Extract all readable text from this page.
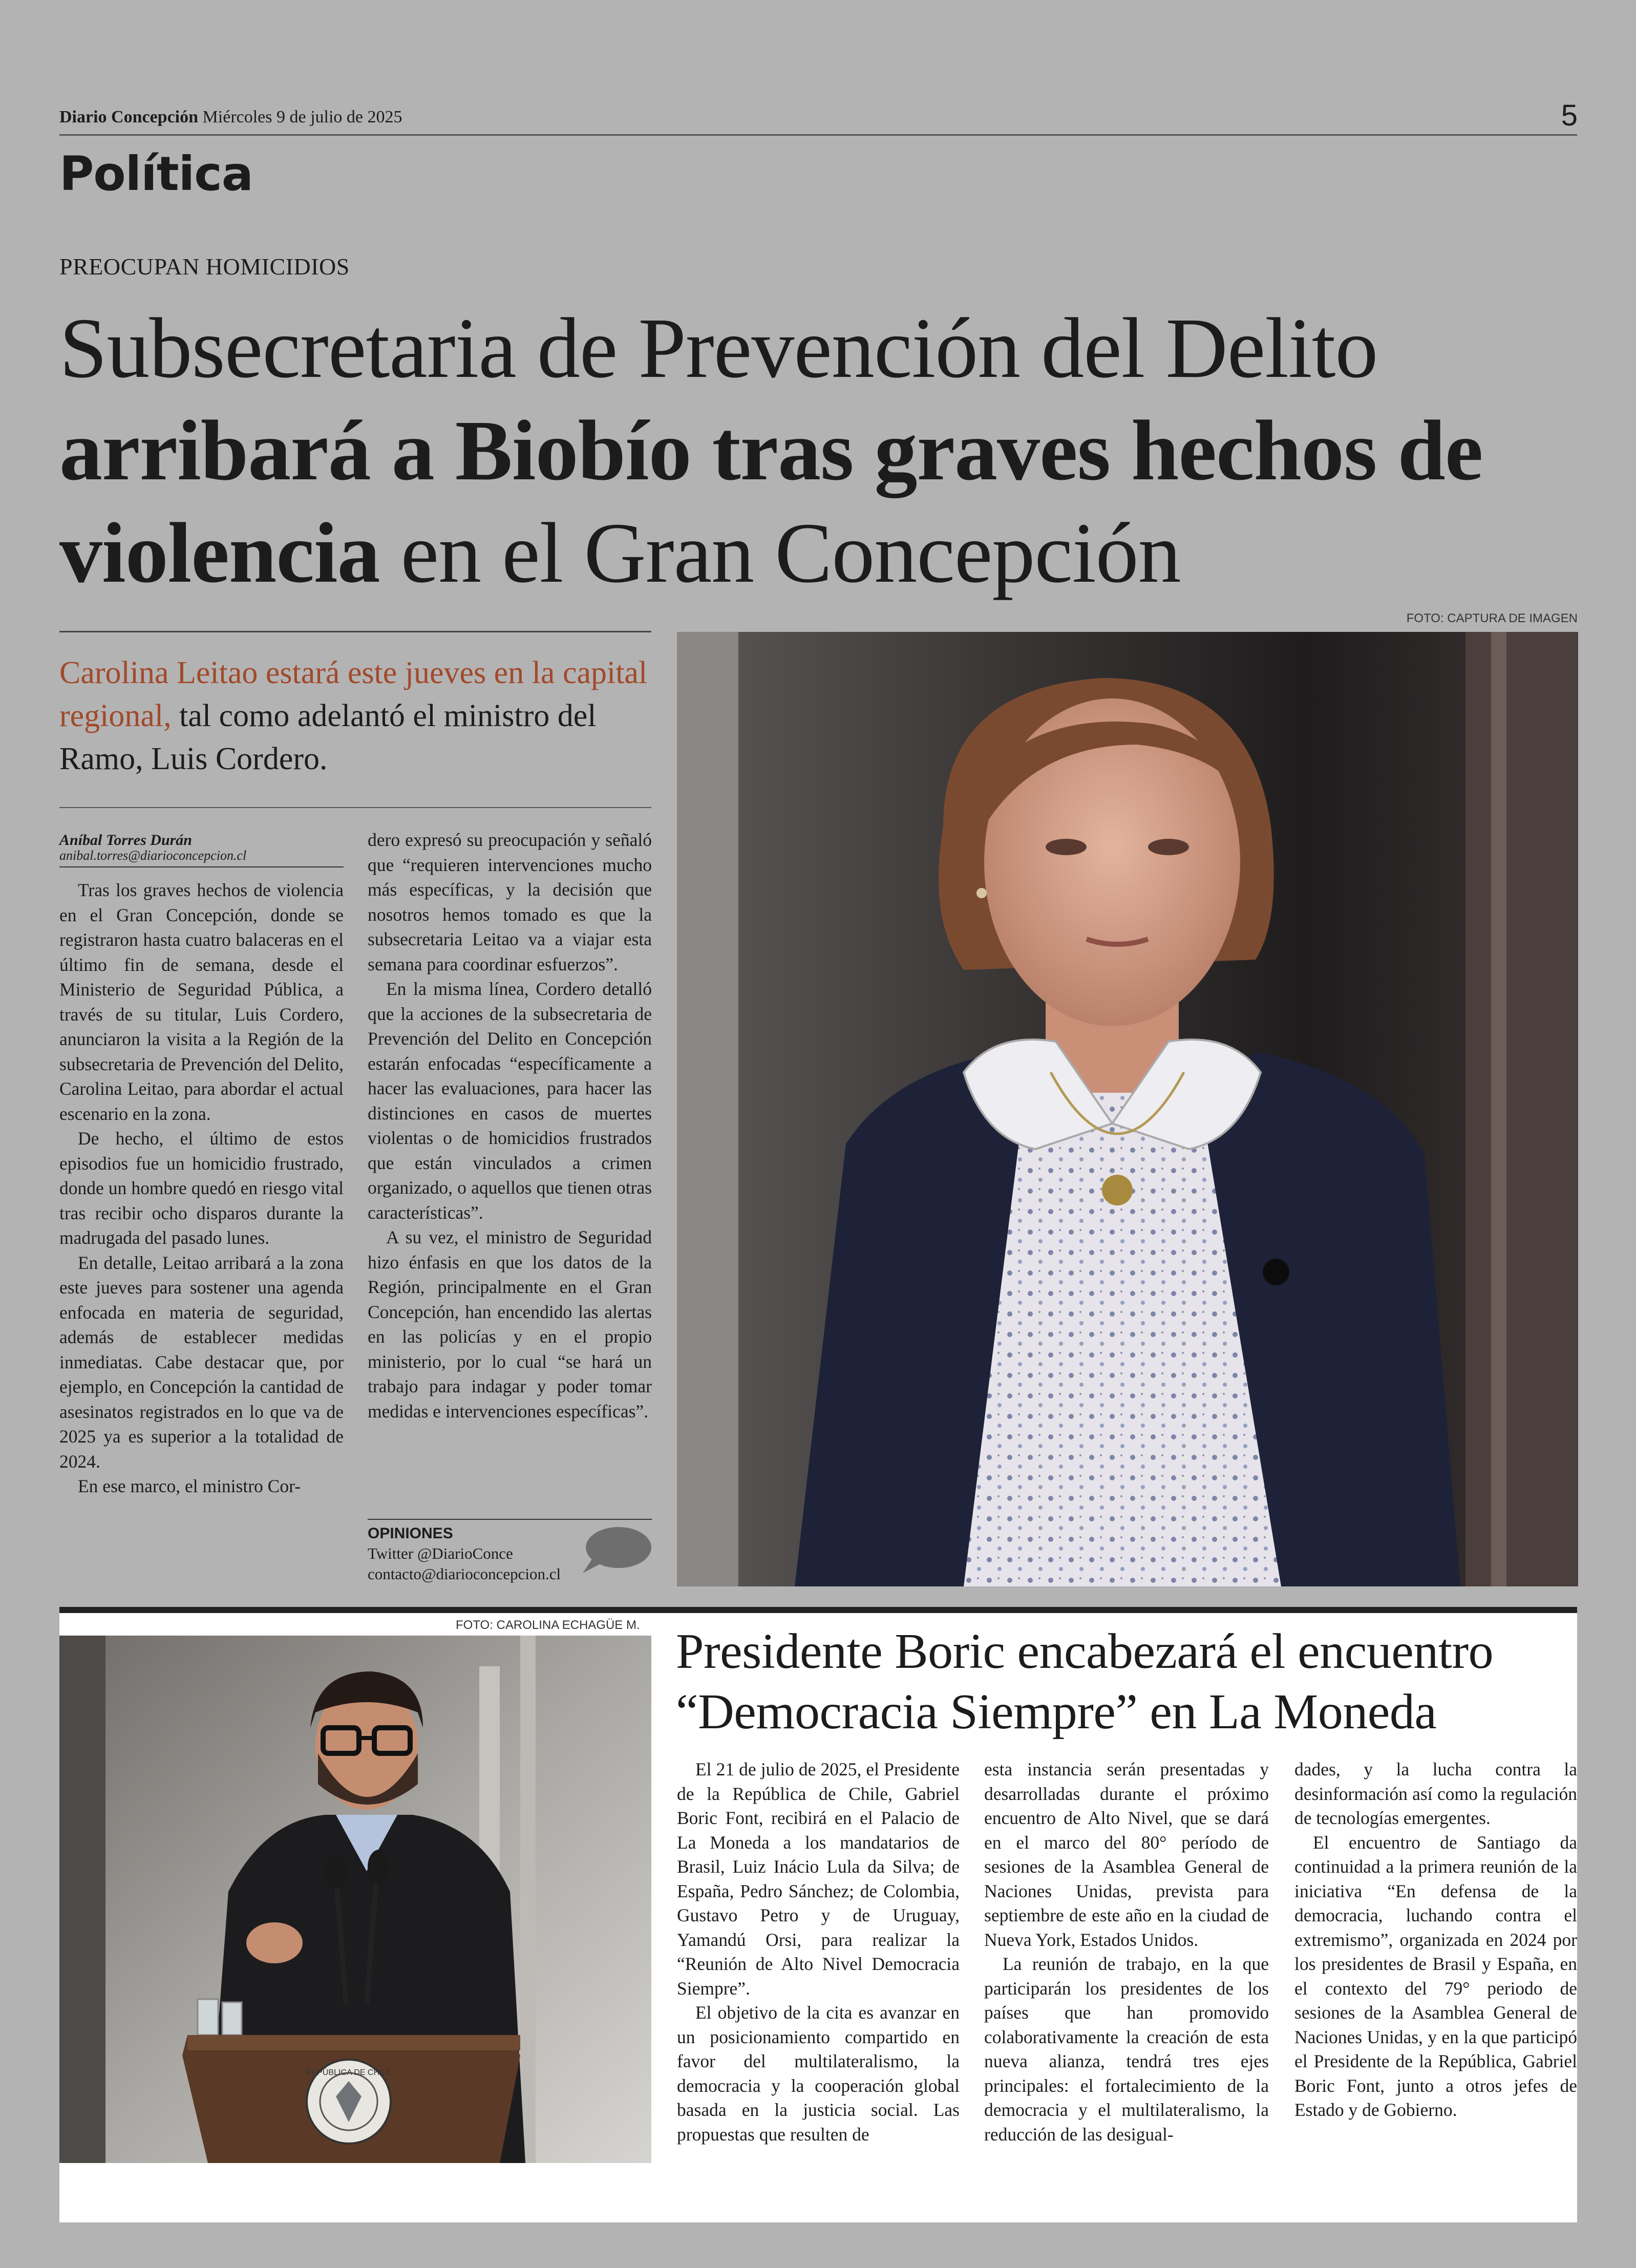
Diario Concepción Miércoles 9 de julio de 2025	5
Política
PREOCUPAN HOMICIDIOS
Subsecretaria de Prevención del Delito
arribará a Biobío tras graves hechos de violencia en el Gran Concepción
Carolina Leitao estará este jueves en la capital regional, tal como adelantó el ministro del Ramo, Luis Cordero.
Aníbal Torres Durán
anibal.torres@diarioconcepcion.cl

Tras los graves hechos de violencia en el Gran Concepción, donde se registraron hasta cuatro balaceras en el último fin de semana, desde el Ministerio de Seguridad Pública, a través de su titular, Luis Cordero, anunciaron la visita a la Región de la subsecretaria de Prevención del Delito, Carolina Leitao, para abordar el actual escenario en la zona.

De hecho, el último de estos episodios fue un homicidio frustrado, donde un hombre quedó en riesgo vital tras recibir ocho disparos durante la madrugada del pasado lunes.

En detalle, Leitao arribará a la zona este jueves para sostener una agenda enfocada en materia de seguridad, además de establecer medidas inmediatas. Cabe destacar que, por ejemplo, en Concepción la cantidad de asesinatos registrados en lo que va de 2025 ya es superior a la totalidad de 2024.

En ese marco, el ministro Cor-

dero expresó su preocupación y señaló que “requieren intervenciones mucho más específicas, y la decisión que nosotros hemos tomado es que la subsecretaria Leitao va a viajar esta semana para coordinar esfuerzos”.

En la misma línea, Cordero detalló que la acciones de la subsecretaria de Prevención del Delito en Concepción estarán enfocadas “específicamente a hacer las evaluaciones, para hacer las distinciones en casos de muertes violentas o de homicidios frustrados que están vinculados a crimen organizado, o aquellos que tienen otras características”.

A su vez, el ministro de Seguridad hizo énfasis en que los datos de la Región, principalmente en el Gran Concepción, han encendido las alertas en las policías y en el propio ministerio, por lo cual “se hará un trabajo para indagar y poder tomar medidas e intervenciones específicas”.

OPINIONES
Twitter @DiarioConce
contacto@diarioconcepcion.cl
FOTO: CAPTURA DE IMAGEN
FOTO: CAROLINA ECHAGÜE M.
REPÚBLICA DE CHILE
Presidente Boric encabezará el encuentro “Democracia Siempre” en La Moneda

El 21 de julio de 2025, el Presidente de la República de Chile, Gabriel Boric Font, recibirá en el Palacio de La Moneda a los mandatarios de Brasil, Luiz Inácio Lula da Silva; de España, Pedro Sánchez; de Colombia, Gustavo Petro y de Uruguay, Yamandú Orsi, para realizar la “Reunión de Alto Nivel Democracia Siempre”.

El objetivo de la cita es avanzar en un posicionamiento compartido en favor del multilateralismo, la democracia y la cooperación global basada en la justicia social. Las propuestas que resulten de

esta instancia serán presentadas y desarrolladas durante el próximo encuentro de Alto Nivel, que se dará en el marco del 80° período de sesiones de la Asamblea General de Naciones Unidas, prevista para septiembre de este año en la ciudad de Nueva York, Estados Unidos.

La reunión de trabajo, en la que participarán los presidentes de los países que han promovido colaborativamente la creación de esta nueva alianza, tendrá tres ejes principales: el fortalecimiento de la democracia y el multilateralismo, la reducción de las desigual-

dades, y la lucha contra la desinformación así como la regulación de tecnologías emergentes.

El encuentro de Santiago da continuidad a la primera reunión de la iniciativa “En defensa de la democracia, luchando contra el extremismo”, organizada en 2024 por los presidentes de Brasil y España, en el contexto del 79° periodo de sesiones de la Asamblea General de Naciones Unidas, y en la que participó el Presidente de la República, Gabriel Boric Font, junto a otros jefes de Estado y de Gobierno.
